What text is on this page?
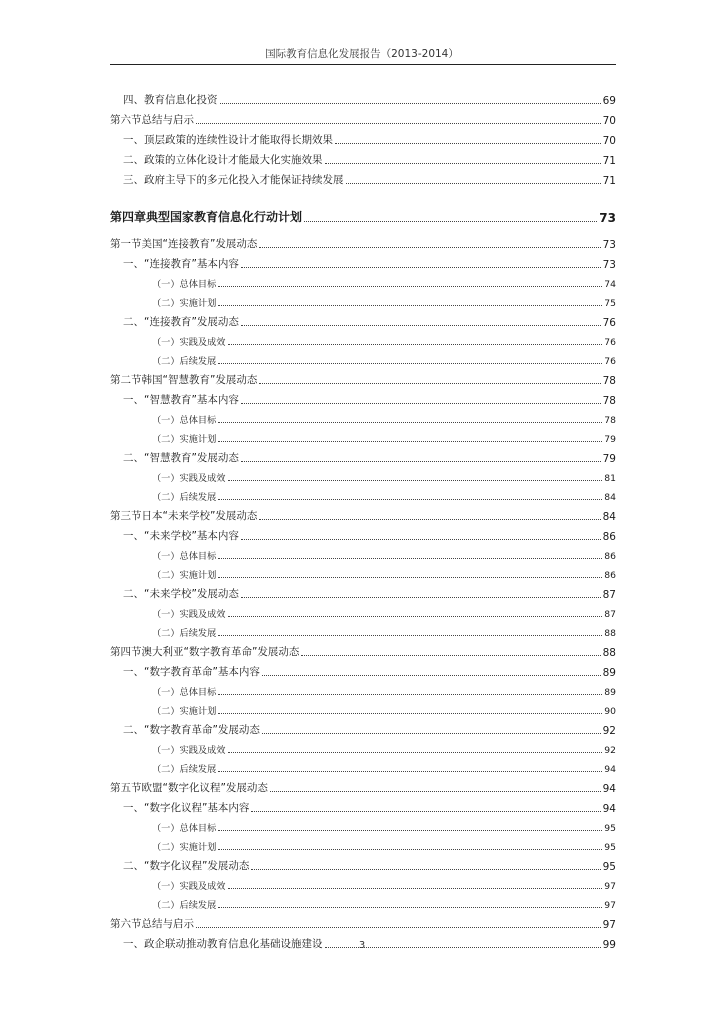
国际教育信息化发展报告（2013-2014）
四、教育信息化投资	69
第六节总结与启示	70
一、顶层政策的连续性设计才能取得长期效果	70
二、政策的立体化设计才能最大化实施效果	71
三、政府主导下的多元化投入才能保证持续发展	71
第四章典型国家教育信息化行动计划	73
第一节美国“连接教育”发展动态	73
一、“连接教育”基本内容	73
（一）总体目标	74
（二）实施计划	75
二、“连接教育”发展动态	76
（一）实践及成效	76
（二）后续发展	76
第二节韩国“智慧教育”发展动态	78
一、“智慧教育”基本内容	78
（一）总体目标	78
（二）实施计划	79
二、“智慧教育”发展动态	79
（一）实践及成效	81
（二）后续发展	84
第三节日本“未来学校”发展动态	84
一、“未来学校”基本内容	86
（一）总体目标	86
（二）实施计划	86
二、“未来学校”发展动态	87
（一）实践及成效	87
（二）后续发展	88
第四节澳大利亚“数字教育革命”发展动态	88
一、“数字教育革命”基本内容	89
（一）总体目标	89
（二）实施计划	90
二、“数字教育革命”发展动态	92
（一）实践及成效	92
（二）后续发展	94
第五节欧盟“数字化议程”发展动态	94
一、“数字化议程”基本内容	94
（一）总体目标	95
（二）实施计划	95
二、“数字化议程”发展动态	95
（一）实践及成效	97
（二）后续发展	97
第六节总结与启示	97
一、政企联动推动教育信息化基础设施建设	99
3
